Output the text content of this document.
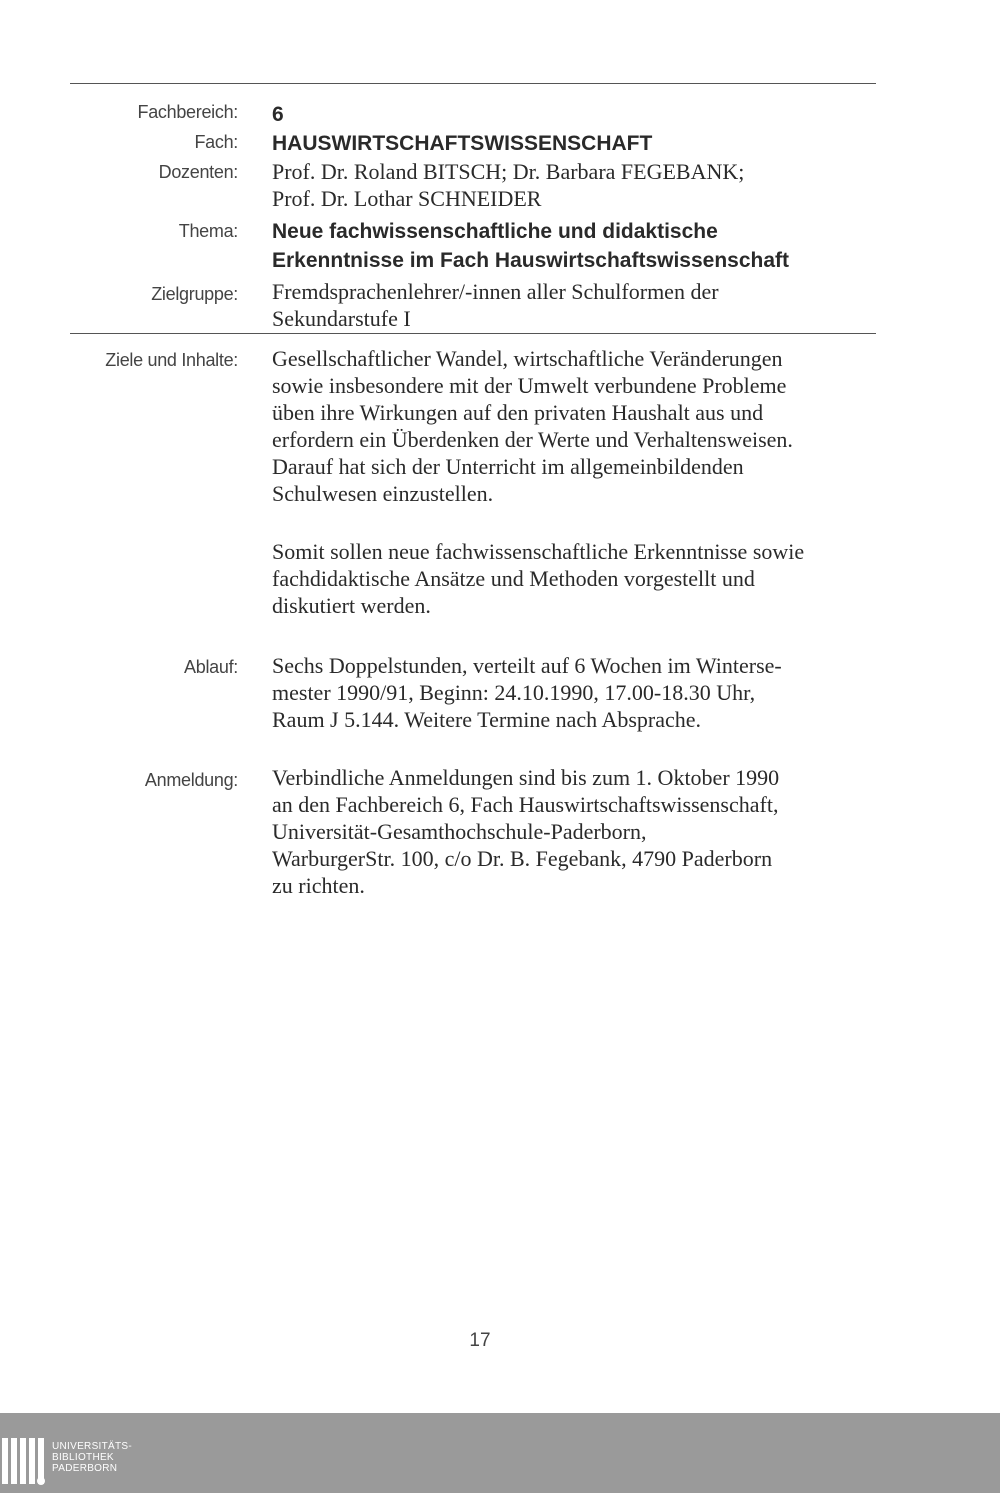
Fachbereich: 6
Fach: HAUSWIRTSCHAFTSWISSENSCHAFT
Dozenten: Prof. Dr. Roland BITSCH; Dr. Barbara FEGEBANK;
Prof. Dr. Lothar SCHNEIDER
Thema: Neue fachwissenschaftliche und didaktische
Erkenntnisse im Fach Hauswirtschaftswissenschaft
Zielgruppe: Fremdsprachenlehrer/-innen aller Schulformen der
Sekundarstufe I
Ziele und Inhalte: Gesellschaftlicher Wandel, wirtschaftliche Veränderungen
sowie insbesondere mit der Umwelt verbundene Probleme
üben ihre Wirkungen auf den privaten Haushalt aus und
erfordern ein Überdenken der Werte und Verhaltensweisen.
Darauf hat sich der Unterricht im allgemeinbildenden
Schulwesen einzustellen.
Somit sollen neue fachwissenschaftliche Erkenntnisse sowie
fachdidaktische Ansätze und Methoden vorgestellt und
diskutiert werden.
Ablauf: Sechs Doppelstunden, verteilt auf 6 Wochen im Winterse-
mester 1990/91, Beginn: 24.10.1990, 17.00-18.30 Uhr,
Raum J 5.144. Weitere Termine nach Absprache.
Anmeldung: Verbindliche Anmeldungen sind bis zum 1. Oktober 1990
an den Fachbereich 6, Fach Hauswirtschaftswissenschaft,
Universität-Gesamthochschule-Paderborn,
WarburgerStr. 100, c/o Dr. B. Fegebank, 4790 Paderborn
zu richten.
17
UNIVERSITÄTS-
BIBLIOTHEK
PADERBORN
